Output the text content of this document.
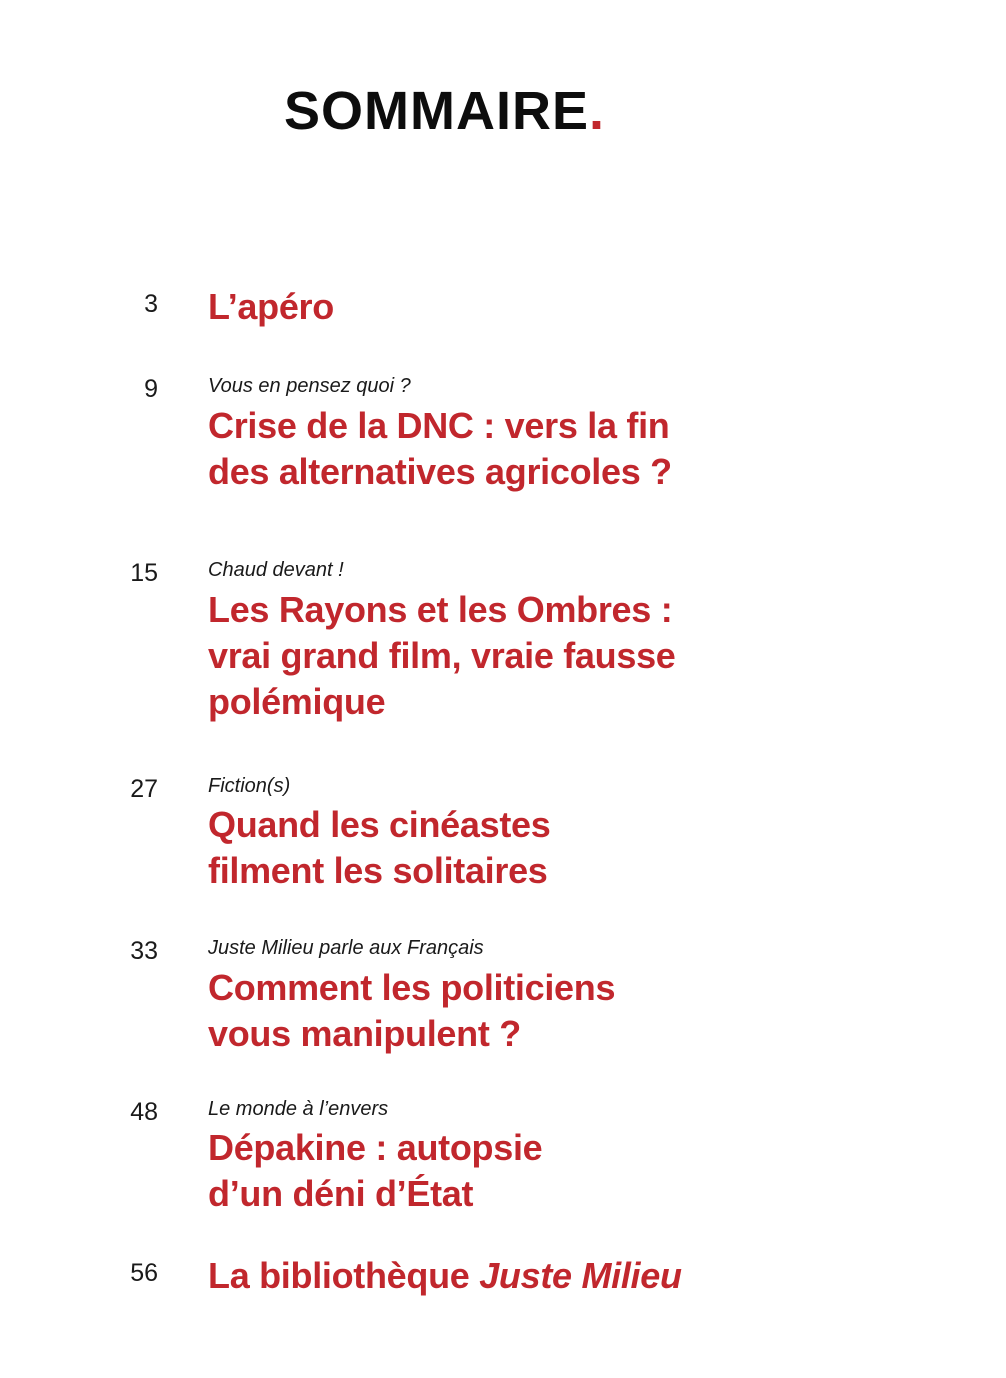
SOMMAIRE.
3 L’apéro
9	Vous en pensez quoi ?
Crise de la DNC : vers la fin
des alternatives agricoles ?
15	Chaud devant !
Les Rayons et les Ombres :
vrai grand film, vraie fausse
polémique
27	Fiction(s)
Quand les cinéastes
filment les solitaires
33	Juste Milieu parle aux Français
Comment les politiciens
vous manipulent ?
48	Le monde à l’envers
Dépakine : autopsie
d’un déni d’État
56 La bibliothèque Juste Milieu
